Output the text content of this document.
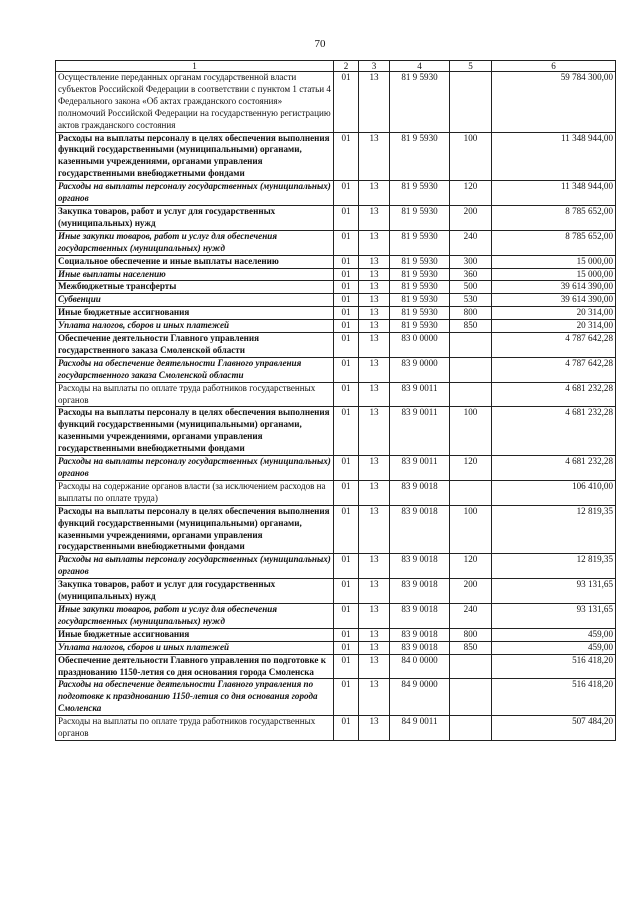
70
1	2	3	4	5	6
Осуществление переданных органам государственной власти субъектов Российской Федерации в соответствии с пунктом 1 статьи 4 Федерального закона «Об актах гражданского состояния» полномочий Российской Федерации на государственную регистрацию актов гражданского состояния	01	13	81 9 5930		59 784 300,00
Расходы на выплаты персоналу в целях обеспечения выполнения функций государственными (муниципальными) органами, казенными учреждениями, органами управления государственными внебюджетными фондами	01	13	81 9 5930	100	11 348 944,00
Расходы на выплаты персоналу государственных (муниципальных) органов	01	13	81 9 5930	120	11 348 944,00
Закупка товаров, работ и услуг для государственных (муниципальных) нужд	01	13	81 9 5930	200	8 785 652,00
Иные закупки товаров, работ и услуг для обеспечения государственных (муниципальных) нужд	01	13	81 9 5930	240	8 785 652,00
Социальное обеспечение и иные выплаты населению	01	13	81 9 5930	300	15 000,00
Иные выплаты населению	01	13	81 9 5930	360	15 000,00
Межбюджетные трансферты	01	13	81 9 5930	500	39 614 390,00
Субвенции	01	13	81 9 5930	530	39 614 390,00
Иные бюджетные ассигнования	01	13	81 9 5930	800	20 314,00
Уплата налогов, сборов и иных платежей	01	13	81 9 5930	850	20 314,00
Обеспечение деятельности Главного управления государственного заказа Смоленской области	01	13	83 0 0000		4 787 642,28
Расходы на обеспечение деятельности Главного управления государственного заказа Смоленской области	01	13	83 9 0000		4 787 642,28
Расходы на выплаты по оплате труда работников государственных органов	01	13	83 9 0011		4 681 232,28
Расходы на выплаты персоналу в целях обеспечения выполнения функций государственными (муниципальными) органами, казенными учреждениями, органами управления государственными внебюджетными фондами	01	13	83 9 0011	100	4 681 232,28
Расходы на выплаты персоналу государственных (муниципальных) органов	01	13	83 9 0011	120	4 681 232,28
Расходы на содержание органов власти (за исключением расходов на выплаты по оплате труда)	01	13	83 9 0018		106 410,00
Расходы на выплаты персоналу в целях обеспечения выполнения функций государственными (муниципальными) органами, казенными учреждениями, органами управления государственными внебюджетными фондами	01	13	83 9 0018	100	12 819,35
Расходы на выплаты персоналу государственных (муниципальных) органов	01	13	83 9 0018	120	12 819,35
Закупка товаров, работ и услуг для государственных (муниципальных) нужд	01	13	83 9 0018	200	93 131,65
Иные закупки товаров, работ и услуг для обеспечения государственных (муниципальных) нужд	01	13	83 9 0018	240	93 131,65
Иные бюджетные ассигнования	01	13	83 9 0018	800	459,00
Уплата налогов, сборов и иных платежей	01	13	83 9 0018	850	459,00
Обеспечение деятельности Главного управления по подготовке к празднованию 1150-летия со дня основания города Смоленска	01	13	84 0 0000		516 418,20
Расходы на обеспечение деятельности Главного управления по подготовке к празднованию 1150-летия со дня основания города Смоленска	01	13	84 9 0000		516 418,20
Расходы на выплаты по оплате труда работников государственных органов	01	13	84 9 0011		507 484,20
